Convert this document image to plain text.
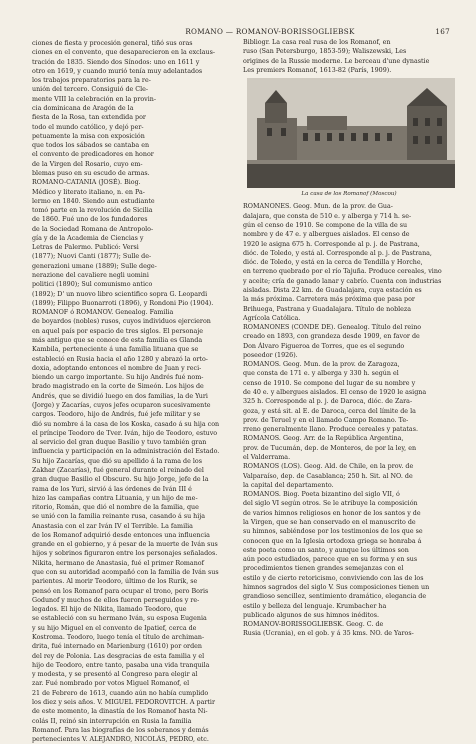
ROMANO — ROMANOV-BORISSOGLIEBSK	167
ciones de fiesta y procesión general, tiñó sus oras
ciones en el convento, que desaparecieron en la exclaus-
tración de 1835. Siendo dos Sínodos: uno en 1611 y
otro en 1619, y cuando murió tenía muy adelantados
los trabajos preparatorios para la re-
unión del tercero. Consiguió de Cle-
mente VIII la celebración en la provin-
cia dominicana de Aragón de la
fiesta de la Rosa, tan extendida por
todo el mundo católico, y dejó per-
petuamente la misa con exposición
que todos los sábados se cantaba en
el convento de predicadores en honor
de la Virgen del Rosario, cuyo em-
blemas puso en su escudo de armas.
ROMANO-CATANIA (JOSÉ). Biog.
Médico y literato italiano, n. en Pa-
lermo en 1840. Siendo aun estudiante
tomó parte en la revolución de Sicilia
de 1860. Fué uno de los fundadores
de la Sociedad Romana de Antropolo-
gía y de la Academia de Ciencias y
Letras de Palermo. Publicó: Versi
(1877); Nuovi Canti (1877); Sulle de-
generazioni umane (1889); Sulle dege-
nerazione del cavaliere negli uomini
politici (1890); Sul comunismo antico
(1892); D' un nuovo libro scientifico sopra G. Leopardi
(1899); Filippo Buonarroti (1896), y Rondoni Pio (1904).
ROMANOF ó ROMANOV. Genealog. Familia
de boyardos (nobles) rusos, cuyos individuos ejercieron
en aquel país por espacio de tres siglos. El personaje
más antiguo que se conoce de esta familia es Glanda
Kambila, perteneciente á una familia lituana que se
estableció en Rusia hacia el año 1280 y abrazó la orto-
doxia, adoptando entonces el nombre de Juan y reci-
biendo un cargo importante. Su hijo Andrés fué nom-
brado magistrado en la corte de Simeón. Los hijos de
Andrés, que se dividió luego en dos familias, la de Yuri
(Jorge) y Zacarías, cuyos jefes ocuparon sucesivamente
cargos. Teodoro, hijo de Andrés, fué jefe militar y se
dió su nombre á la casa de los Koska, casado á su hija con
el príncipe Teodoro de Tver. Iván, hijo de Teodoro, estuvo
al servicio del gran duque Basilio y tuvo también gran
influencia y participación en la administración del Estado.
Su hijo Zacarías, que dió su apellido á la rama de los
Zakhar (Zacarías), fué general durante el reinado del
gran duque Basilio el Obscuro. Su hijo Jorge, jefe de la
rama de los Yuri, sirvió á las órdenes de Iván III é
hizo las campañas contra Lituania, y un hijo de me-
ritorio, Román, que dió el nombre de la familia, que
se unió con la familia reinante rusa, casando á su hija
Anastasia con el zar Iván IV el Terrible. La familia
de los Romanof adquirió desde entonces una influencia
grande en el gobierno, y á pesar de la muerte de Iván sus
hijos y sobrinos figuraron entre los personajes señalados.
Nikita, hermano de Anastasia, fué el primer Romanof
que con su autoridad acompañó con la familia de Iván sus
parientes. Al morir Teodoro, último de los Rurik, se
pensó en los Romanof para ocupar el trono, pero Boris
Godunof y muchos de ellos fueron perseguidos y re-
legados. El hijo de Nikita, llamado Teodoro, que
se estableció con su hermano Iván, su esposa Eugenia
y su hijo Miguel en el convento de Ipatief, cerca de
Kostroma. Teodoro, luego tenía el título de archiman-
drita, fué internado en Marienburg (1610) por orden
del rey de Polonia. Las desgracias de esta familia y el
hijo de Teodoro, entre tanto, pasaba una vida tranquila
y modesta, y se presentó al Congreso para elegir al
zar. Fué nombrado por votos Miguel Romanof, el
21 de Febrero de 1613, cuando aún no había cumplido
los diez y seis años. V. MIGUEL FEDOROVITCH. A partir
de este momento, la dinastía de los Romanof hasta Ni-
colás II, reinó sin interrupción en Rusia la familia
Romanof. Para las biografías de los soberanos y demás
pertenecientes V. ALEJANDRO, NICOLÁS, PEDRO, etc.
Bibliogr. La casa real rusa de los Romanof, en
ruso (San Petersburgo, 1853-59); Waliszewski, Les
origines de la Russie moderne. Le berceau d'une dynastie
Les premiers Romanof, 1613-82 (París, 1909).
La casa de los Romanof (Moscou)
ROMANONES. Geog. Mun. de la prov. de Gua-
dalajara, que consta de 510 e. y alberga y 714 h. se-
gún el censo de 1910. Se compone de la villa de su
nombre y de 47 e. y albergues aislados. El censo de
1920 le asigna 675 h. Corresponde al p. j. de Pastrana,
dióc. de Toledo, y está al. Corresponde al p. j. de Pastrana,
dióc. de Toledo, y está en la cerca de Tendilla y Horche,
en terreno quebrado por el río Tajuña. Produce cereales, vino
y aceite; cría de ganado lanar y cabrío. Cuenta con industrias
aisladas. Dista 22 km. de Guadalajara, cuya estación es
la más próxima. Carretera más próxima que pasa por
Brihuega, Pastrana y Guadalajara. Título de nobleza
Agrícola Católica.
ROMANONES (CONDE DE). Genealog. Título del reino
creado en 1893, con grandeza desde 1909, en favor de
Don Álvaro Figueroa de Torres, que es el segundo
poseedor (1926).
ROMANOS. Geog. Mun. de la prov. de Zaragoza,
que consta de 171 e. y alberga y 330 h. según el
censo de 1910. Se compone del lugar de su nombre y
de 40 e. y albergues aislados. El censo de 1920 le asigna
325 h. Corresponde al p. j. de Daroca, dióc. de Zara-
goza, y está sit. al E. de Daroca, cerca del límite de la
prov. de Teruel y en el llamado Campo Romano. Te-
rreno generalmente llano. Produce cereales y patatas.
ROMANOS. Geog. Arr. de la República Argentina,
prov. de Tucumán, dep. de Monteros, de por la ley, en
el Valderrama.
ROMANOS (LOS). Geog. Ald. de Chile, en la prov. de
Valparaíso, dep. de Casablanca; 250 h. Sit. al NO. de
la capital del departamento.
ROMANOS. Biog. Poeta bizantino del siglo VII, ó
del siglo VI según otros. Se le atribuye la composición
de varios himnos religiosos en honor de los santos y de
la Virgen, que se han conservado en el manuscrito de
su himnos, sabiéndose por los testimonios de los que se
conocen que en la Iglesia ortodoxa griega se honraba á
este poeta como un santo, y aunque los últimos son
aún poco estudiados, parece que en su forma y en sus
procedimientos tienen grandes semejanzas con el
estilo y de cierto retoricismo, conviviendo con las de los
himnos sagrados del siglo V. Sus composiciones tienen un
grandioso sencillez, sentimiento dramático, elegancia de
estilo y belleza del lenguaje. Krumbacher ha
publicado algunos de sus himnos inéditos.
ROMANOV-BORISSOGLIEBSK. Geog. C. de
Rusia (Ucrania), en el gob. y á 35 kms. NO. de Yaros-
